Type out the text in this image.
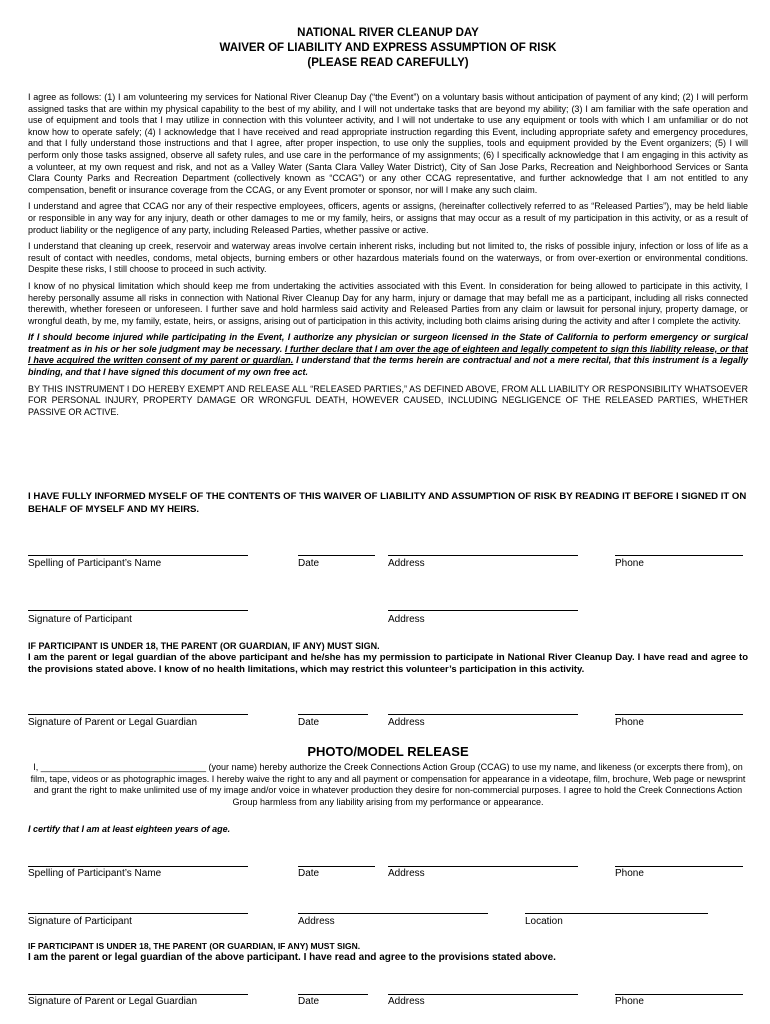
NATIONAL RIVER CLEANUP DAY
WAIVER OF LIABILITY AND EXPRESS ASSUMPTION OF RISK
(PLEASE READ CAREFULLY)

I agree as follows: (1) I am volunteering my services for National River Cleanup Day (“the Event”) on a voluntary basis without anticipation of payment of any kind; (2) I will perform assigned tasks that are within my physical capability to the best of my ability, and I will not undertake tasks that are beyond my ability; (3) I am familiar with the safe operation and use of equipment and tools that I may utilize in connection with this volunteer activity, and I will not undertake to use any equipment or tools with which I am unfamiliar or do not know how to operate safely; (4) I acknowledge that I have received and read appropriate instruction regarding this Event, including appropriate safety and emergency procedures, and that I fully understand those instructions and that I agree, after proper inspection, to use only the supplies, tools and equipment provided by the Event organizers; (5) I will perform only those tasks assigned, observe all safety rules, and use care in the performance of my assignments; (6) I specifically acknowledge that I am engaging in this activity as a volunteer, at my own request and risk, and not as a Valley Water (Santa Clara Valley Water District), City of San Jose Parks, Recreation and Neighborhood Services or Santa Clara County Parks and Recreation Department (collectively known as “CCAG”) or any other CCAG representative, and further acknowledge that I am not entitled to any compensation, benefit or insurance coverage from the CCAG, or any Event promoter or sponsor, nor will I make any such claim.

I understand and agree that CCAG nor any of their respective employees, officers, agents or assigns, (hereinafter collectively referred to as “Released Parties”), may be held liable or responsible in any way for any injury, death or other damages to me or my family, heirs, or assigns that may occur as a result of my participation in this activity, or as a result of product liability or the negligence of any party, including Released Parties, whether passive or active.

I understand that cleaning up creek, reservoir and waterway areas involve certain inherent risks, including but not limited to, the risks of possible injury, infection or loss of life as a result of contact with needles, condoms, metal objects, burning embers or other hazardous materials found on the waterways, or from over-exertion or environmental conditions. Despite these risks, I still choose to proceed in such activity.

I know of no physical limitation which should keep me from undertaking the activities associated with this Event. In consideration for being allowed to participate in this activity, I hereby personally assume all risks in connection with National River Cleanup Day for any harm, injury or damage that may befall me as a participant, including all risks connected therewith, whether foreseen or unforeseen. I further save and hold harmless said activity and Released Parties from any claim or lawsuit for personal injury, property damage, or wrongful death, by me, my family, estate, heirs, or assigns, arising out of participation in this activity, including both claims arising during the activity and after I complete the activity.

If I should become injured while participating in the Event, I authorize any physician or surgeon licensed in the State of California to perform emergency or surgical treatment as in his or her sole judgment may be necessary. I further declare that I am over the age of eighteen and legally competent to sign this liability release, or that I have acquired the written consent of my parent or guardian. I understand that the terms herein are contractual and not a mere recital, that this instrument is a legally binding, and that I have signed this document of my own free act.

BY THIS INSTRUMENT I DO HEREBY EXEMPT AND RELEASE ALL “RELEASED PARTIES,” AS DEFINED ABOVE, FROM ALL LIABILITY OR RESPONSIBILITY WHATSOEVER FOR PERSONAL INJURY, PROPERTY DAMAGE OR WRONGFUL DEATH, HOWEVER CAUSED, INCLUDING NEGLIGENCE OF THE RELEASED PARTIES, WHETHER PASSIVE OR ACTIVE.

I HAVE FULLY INFORMED MYSELF OF THE CONTENTS OF THIS WAIVER OF LIABILITY AND ASSUMPTION OF RISK BY READING IT BEFORE I SIGNED IT ON BEHALF OF MYSELF AND MY HEIRS.
Spelling of Participant’s Name	Date	Address	Phone
Signature of Participant	Address
IF PARTICIPANT IS UNDER 18, THE PARENT (OR GUARDIAN, IF ANY) MUST SIGN.
I am the parent or legal guardian of the above participant and he/she has my permission to participate in National River Cleanup Day. I have read and agree to the provisions stated above. I know of no health limitations, which may restrict this volunteer’s participation in this activity.
Signature of Parent or Legal Guardian	Date	Address	Phone
PHOTO/MODEL RELEASE
I, _________________________________ (your name) hereby authorize the Creek Connections Action Group (CCAG) to use my name, and likeness (or excerpts there from), on film, tape, videos or as photographic images. I hereby waive the right to any and all payment or compensation for appearance in a videotape, film, brochure, Web page or newsprint and grant the right to make unlimited use of my image and/or voice in whatever production they desire for non-commercial purposes. I agree to hold the Creek Connections Action Group harmless from any liability arising from my performance or appearance.
I certify that I am at least eighteen years of age.
Spelling of Participant’s Name	Date	Address	Phone
Signature of Participant	Address	Location
IF PARTICIPANT IS UNDER 18, THE PARENT (OR GUARDIAN, IF ANY) MUST SIGN.
I am the parent or legal guardian of the above participant. I have read and agree to the provisions stated above.
Signature of Parent or Legal Guardian	Date	Address	Phone
